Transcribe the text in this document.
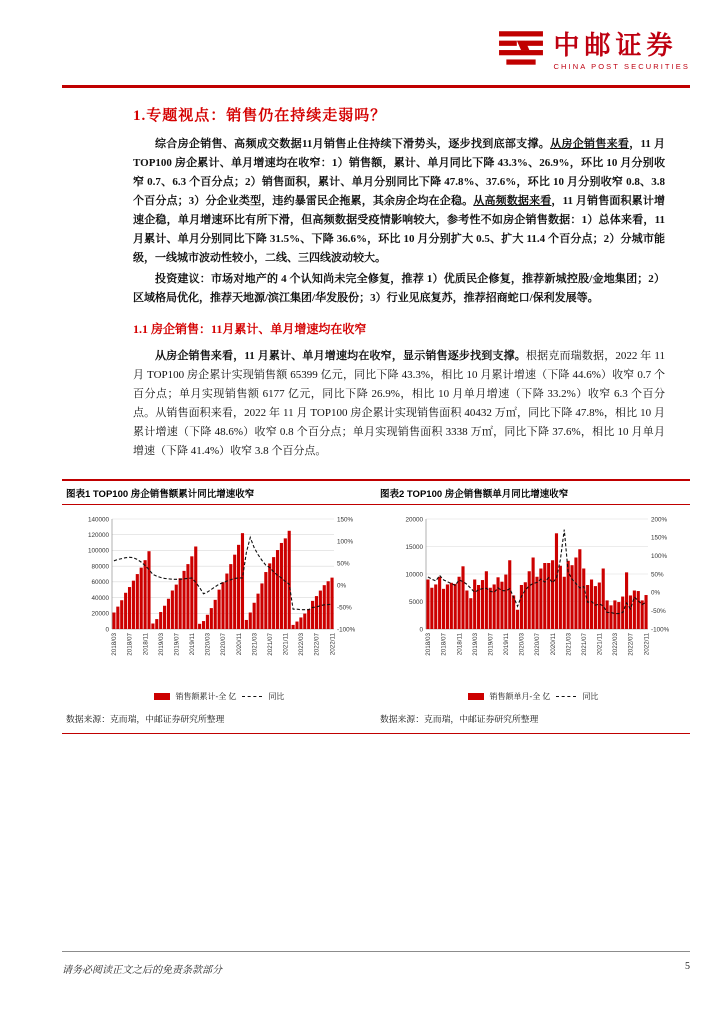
中邮证券
CHINA POST SECURITIES
1.专题视点：销售仍在持续走弱吗？

综合房企销售、高频成交数据11月销售止住持续下滑势头，逐步找到底部支撑。从房企销售来看，11 月 TOP100 房企累计、单月增速均在收窄：1）销售额，累计、单月同比下降 43.3%、26.9%，环比 10 月分别收窄 0.7、6.3 个百分点；2）销售面积，累计、单月分别同比下降 47.8%、37.6%，环比 10 月分别收窄 0.8、3.8 个百分点；3）分企业类型，违约暴雷民企拖累，其余房企均在企稳。从高频数据来看，11 月销售面积累计增速企稳，单月增速环比有所下滑，但高频数据受疫情影响较大，参考性不如房企销售数据：1）总体来看，11 月累计、单月分别同比下降 31.5%、下降 36.6%，环比 10 月分别扩大 0.5、扩大 11.4 个百分点；2）分城市能级，一线城市波动性较小，二线、三四线波动较大。

投资建议：市场对地产的 4 个认知尚未完全修复，推荐 1）优质民企修复，推荐新城控股/金地集团；2）区域格局优化，推荐天地源/滨江集团/华发股份；3）行业见底复苏，推荐招商蛇口/保利发展等。

1.1 房企销售：11月累计、单月增速均在收窄

从房企销售来看，11 月累计、单月增速均在收窄，显示销售逐步找到支撑。根据克而瑞数据，2022 年 11 月 TOP100 房企累计实现销售额 65399 亿元，同比下降 43.3%，相比 10 月累计增速（下降 44.6%）收窄 0.7 个百分点；单月实现销售额 6177 亿元，同比下降 26.9%，相比 10 月单月增速（下降 33.2%）收窄 6.3 个百分点。从销售面积来看，2022 年 11 月 TOP100 房企累计实现销售面积 40432 万㎡，同比下降 47.8%，相比 10 月累计增速（下降 48.6%）收窄 0.8 个百分点；单月实现销售面积 3338 万㎡，同比下降 37.6%，相比 10 月单月增速（下降 41.4%）收窄 3.8 个百分点。

图表1 TOP100 房企销售额累计同比增速收窄	图表2 TOP100 房企销售额单月同比增速收窄
0
20000
40000
60000
80000
100000
120000
140000
-100%
-50%
0%
50%
100%
150%
2018/03 2018/07 2018/11 2019/03 2019/07 2019/11 2020/03 2020/07 2020/11 2021/03 2021/07 2021/11 2022/03 2022/07 2022/11
销售额累计-全 亿	同比
0
5000
10000
15000
20000
-100%
-50%
0%
50%
100%
150%
200%
2018/03 2018/07 2018/11 2019/03 2019/07 2019/11 2020/03 2020/07 2020/11 2021/03 2021/07 2021/11 2022/03 2022/07 2022/11
销售额单月-全 亿	同比
数据来源：克而瑞，中邮证券研究所整理	数据来源：克而瑞，中邮证券研究所整理
请务必阅读正文之后的免责条款部分	5
